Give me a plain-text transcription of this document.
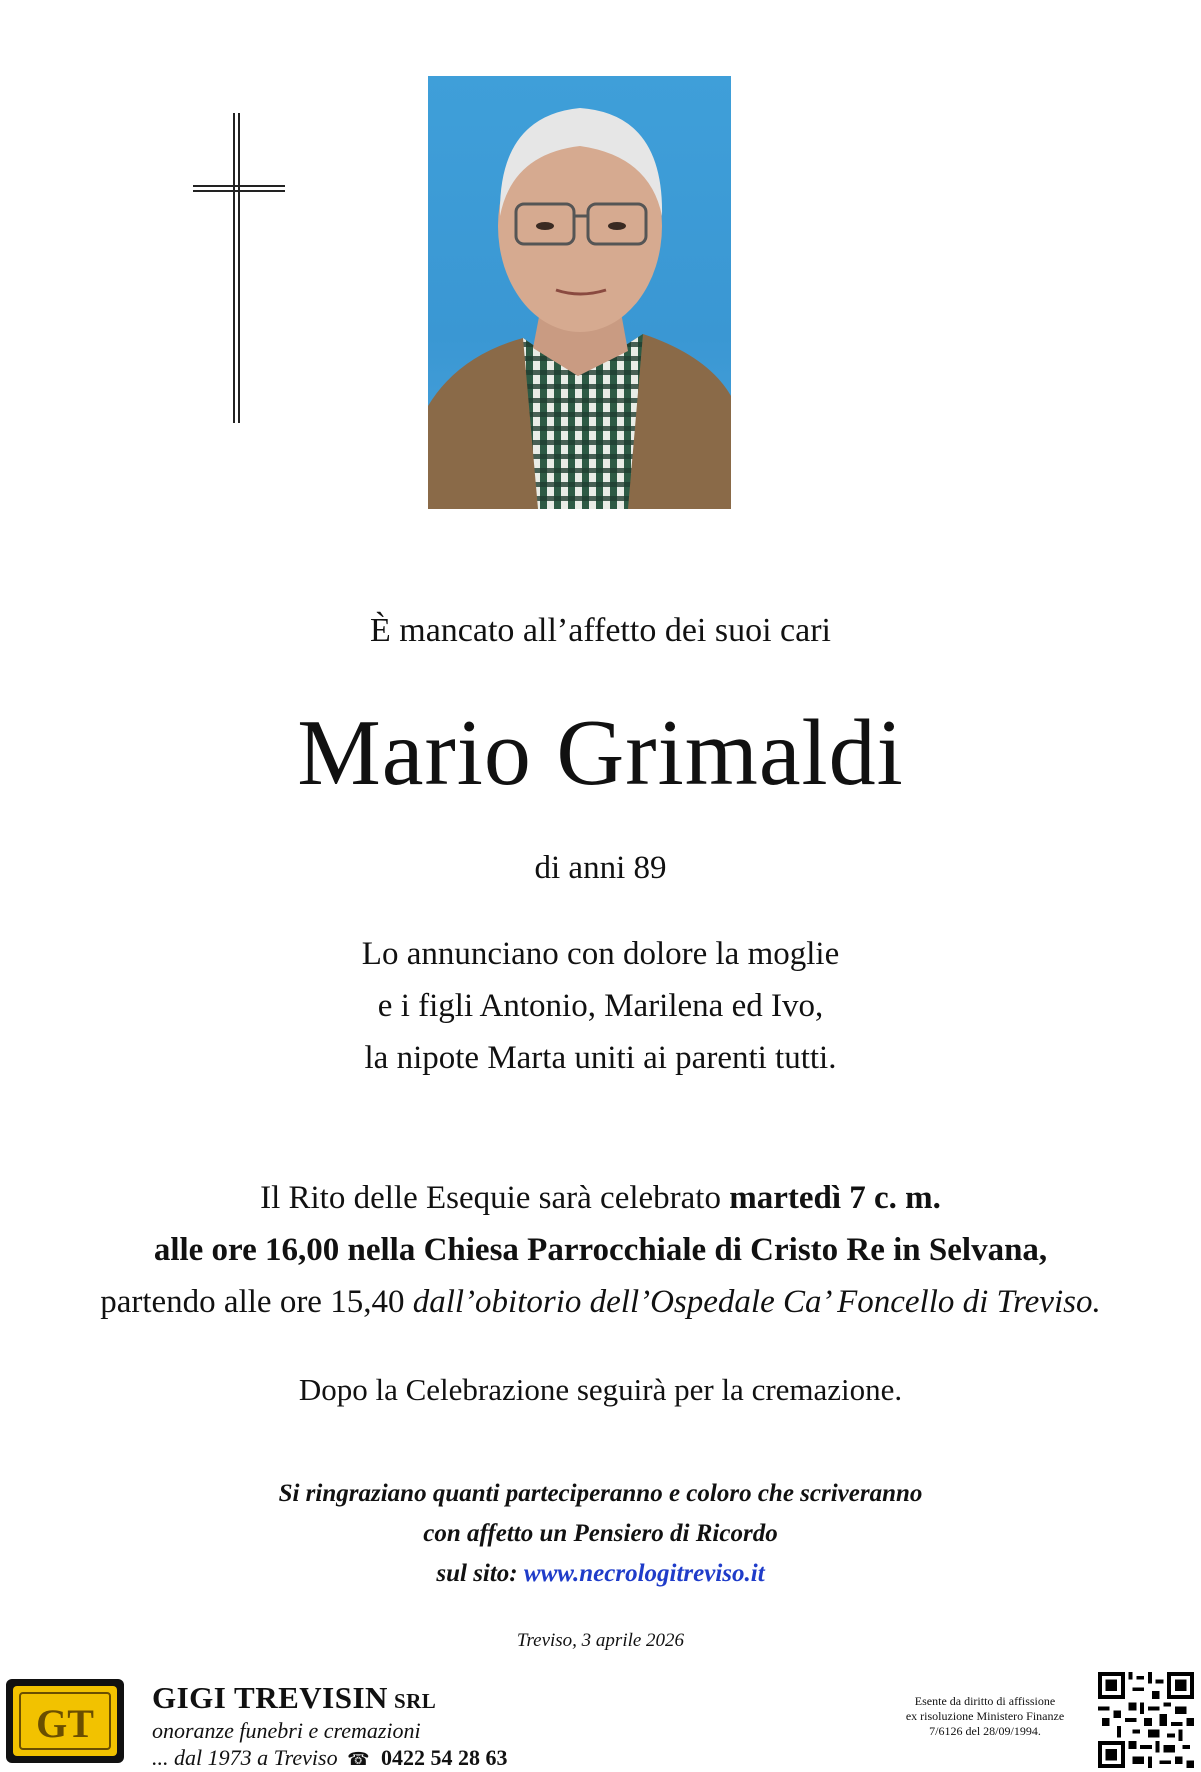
È mancato all’affetto dei suoi cari
Mario Grimaldi
di anni 89
Lo annunciano con dolore la moglie
e i figli Antonio, Marilena ed Ivo,
la nipote Marta uniti ai parenti tutti.
Il Rito delle Esequie sarà celebrato martedì 7 c. m.
alle ore 16,00 nella Chiesa Parrocchiale di Cristo Re in Selvana,
partendo alle ore 15,40 dall’obitorio dell’Ospedale Ca’ Foncello di Treviso.
Dopo la Celebrazione seguirà per la cremazione.
Si ringraziano quanti parteciperanno e coloro che scriveranno
con affetto un Pensiero di Ricordo
sul sito: www.necrologitreviso.it
Treviso, 3 aprile 2026
GT
GIGI TREVISIN SRL
onoranze funebri e cremazioni
... dal 1973 a Treviso ☎ 0422 54 28 63
Esente da diritto di affissione
ex risoluzione Ministero Finanze
7/6126 del 28/09/1994.
